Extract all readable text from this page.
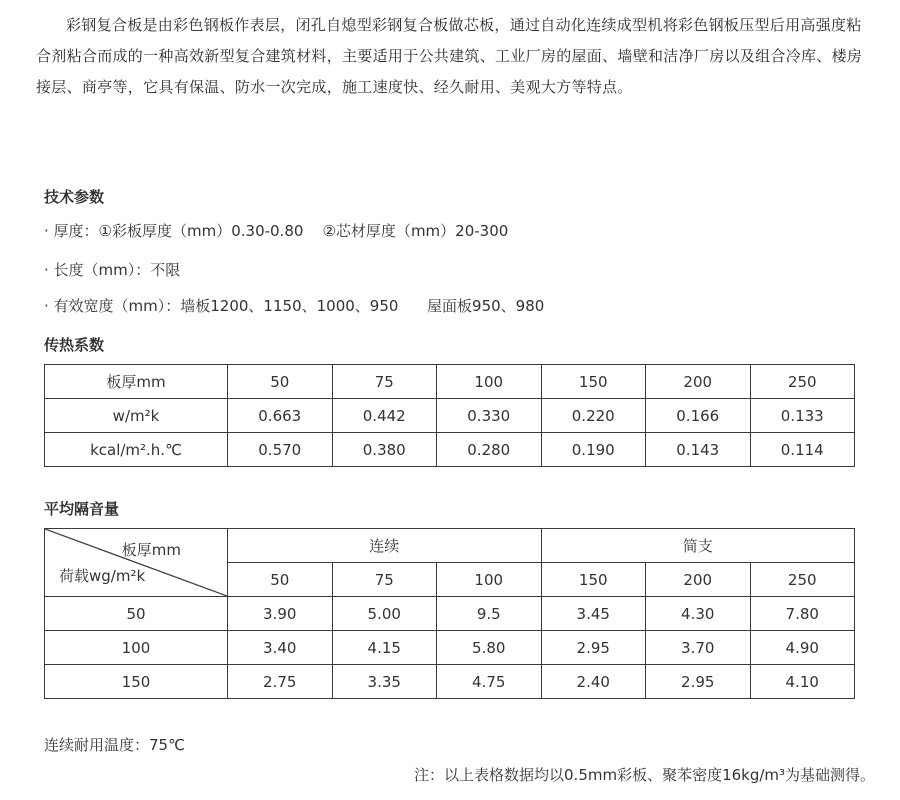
彩钢复合板是由彩色钢板作表层，闭孔自熄型彩钢复合板做芯板，通过自动化连续成型机将彩色钢板压型后用高强度粘合剂粘合而成的一种高效新型复合建筑材料，主要适用于公共建筑、工业厂房的屋面、墙壁和洁净厂房以及组合冷库、楼房接层、商亭等，它具有保温、防水一次完成，施工速度快、经久耐用、美观大方等特点。

技术参数
· 厚度：①彩板厚度（mm）0.30-0.80    ②芯材厚度（mm）20-300
· 长度（mm）：不限
· 有效宽度（mm）：墙板1200、1150、1000、950      屋面板950、980
传热系数
板厚mm	50	75	100	150	200	250
w/m²k	0.663	0.442	0.330	0.220	0.166	0.133
kcal/m².h.℃	0.570	0.380	0.280	0.190	0.143	0.114
平均隔音量
板厚mm
荷载wg/m²k	连续			简支		
	50	75	100	150	200	250
50	3.90	5.00	9.5	3.45	4.30	7.80
100	3.40	4.15	5.80	2.95	3.70	4.90
150	2.75	3.35	4.75	2.40	2.95	4.10
连续耐用温度：75℃
注：以上表格数据均以0.5mm彩板、聚苯密度16kg/m³为基础测得。
